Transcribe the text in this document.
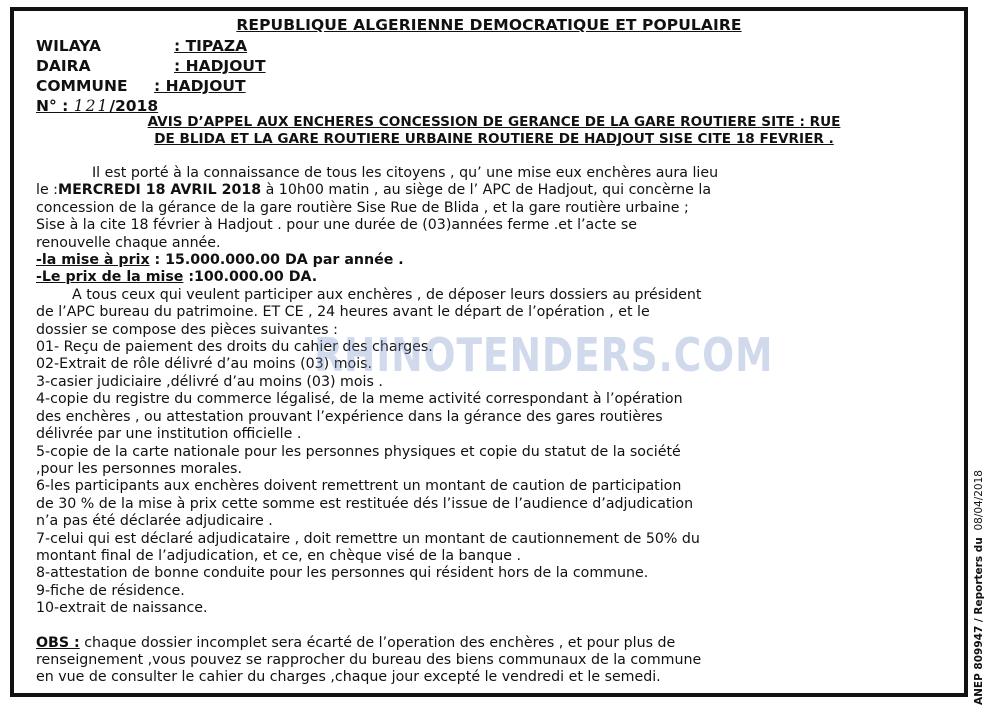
REPUBLIQUE ALGERIENNE DEMOCRATIQUE ET POPULAIRE
WILAYA	: TIPAZA
DAIRA	: HADJOUT
COMMUNE : HADJOUT
N° : 121/2018
AVIS D’APPEL AUX ENCHERES CONCESSION DE GERANCE DE LA GARE ROUTIERE SITE : RUE
DE BLIDA ET LA GARE ROUTIERE URBAINE ROUTIERE DE HADJOUT SISE CITE 18 FEVRIER .

Il est porté à la connaissance de tous les citoyens , qu’ une mise eux enchères aura lieu

le :MERCREDI 18 AVRIL 2018 à 10h00 matin , au siège de l’ APC de Hadjout, qui concèrne la

concession de la gérance de la gare routière Sise Rue de Blida , et la gare routière urbaine ;

Sise à la cite 18 février à Hadjout . pour une durée de (03)années ferme .et l’acte se

renouvelle chaque année.

-la mise à prix : 15.000.000.00 DA par année .

-Le prix de la mise :100.000.00 DA.

A tous ceux qui veulent participer aux enchères , de déposer leurs dossiers au président

de l’APC bureau du patrimoine. ET CE , 24 heures avant le départ de l’opération , et le

dossier se compose des pièces suivantes :

01- Reçu de paiement des droits du cahier des charges.

02-Extrait de rôle délivré d’au moins (03) mois.

3-casier judiciaire ,délivré d’au moins (03) mois .

4-copie du registre du commerce légalisé, de la meme activité correspondant à l’opération

des enchères , ou attestation prouvant l’expérience dans la gérance des gares routières

délivrée par une institution officielle .

5-copie de la carte nationale pour les personnes physiques et copie du statut de la société

,pour les personnes morales.

6-les participants aux enchères doivent remettrent un montant de caution de participation

de 30 % de la mise à prix cette somme est restituée dés l’issue de l’audience d’adjudication

n’a pas été déclarée adjudicaire .

7-celui qui est déclaré adjudicataire , doit remettre un montant de cautionnement de 50% du

montant final de l’adjudication, et ce, en chèque visé de la banque .

8-attestation de bonne conduite pour les personnes qui résident hors de la commune.

9-fiche de résidence.

10-extrait de naissance.

OBS : chaque dossier incomplet sera écarté de l’operation des enchères , et pour plus de

renseignement ,vous pouvez se rapprocher du bureau des biens communaux de la commune

en vue de consulter le cahier du charges ,chaque jour excepté le vendredi et le semedi.

RHINOTENDERS.COM
ANEP 809947 / Reporters du  08/04/2018
